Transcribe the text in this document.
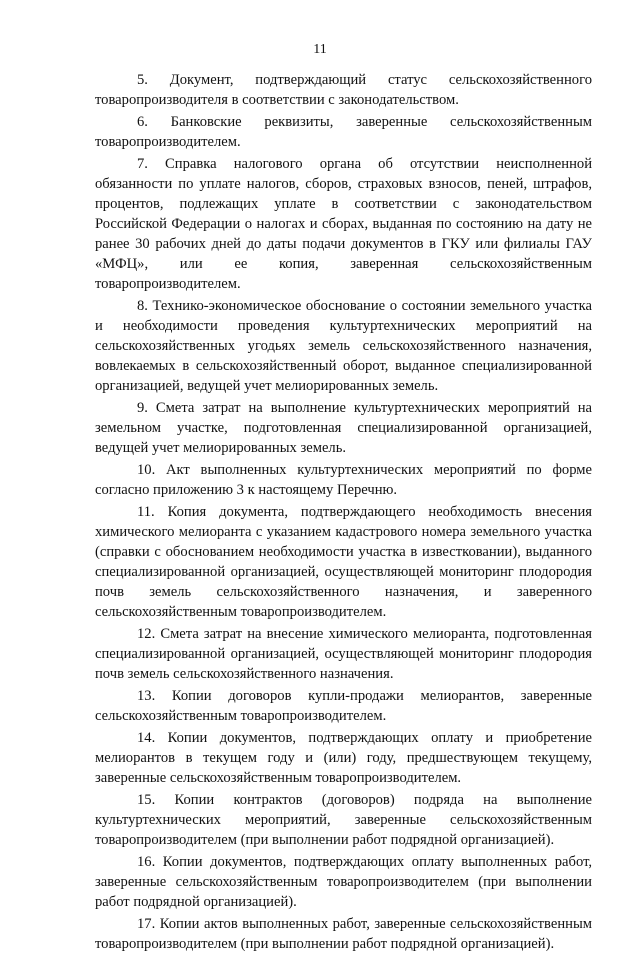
11

5. Документ, подтверждающий статус сельскохозяйственного товаропроизводителя в соответствии с законодательством.

6. Банковские реквизиты, заверенные сельскохозяйственным товаропроизводителем.

7. Справка налогового органа об отсутствии неисполненной обязанности по уплате налогов, сборов, страховых взносов, пеней, штрафов, процентов, подлежащих уплате в соответствии с законодательством Российской Федерации о налогах и сборах, выданная по состоянию на дату не ранее 30 рабочих дней до даты подачи документов в ГКУ или филиалы ГАУ «МФЦ», или ее копия, заверенная сельскохозяйственным товаропроизводителем.

8. Технико-экономическое обоснование о состоянии земельного участка и необходимости проведения культуртехнических мероприятий на сельскохозяйственных угодьях земель сельскохозяйственного назначения, вовлекаемых в сельскохозяйственный оборот, выданное специализированной организацией, ведущей учет мелиорированных земель.

9. Смета затрат на выполнение культуртехнических мероприятий на земельном участке, подготовленная специализированной организацией, ведущей учет мелиорированных земель.

10. Акт выполненных культуртехнических мероприятий по форме согласно приложению 3 к настоящему Перечню.

11. Копия документа, подтверждающего необходимость внесения химического мелиоранта с указанием кадастрового номера земельного участка (справки с обоснованием необходимости участка в известковании), выданного специализированной организацией, осуществляющей мониторинг плодородия почв земель сельскохозяйственного назначения, и заверенного сельскохозяйственным товаропроизводителем.

12. Смета затрат на внесение химического мелиоранта, подготовленная специализированной организацией, осуществляющей мониторинг плодородия почв земель сельскохозяйственного назначения.

13. Копии договоров купли-продажи мелиорантов, заверенные сельскохозяйственным товаропроизводителем.

14. Копии документов, подтверждающих оплату и приобретение мелиорантов в текущем году и (или) году, предшествующем текущему, заверенные сельскохозяйственным товаропроизводителем.

15. Копии контрактов (договоров) подряда на выполнение культуртехнических мероприятий, заверенные сельскохозяйственным товаропроизводителем (при выполнении работ подрядной организацией).

16. Копии документов, подтверждающих оплату выполненных работ, заверенные сельскохозяйственным товаропроизводителем (при выполнении работ подрядной организацией).

17. Копии актов выполненных работ, заверенные сельскохозяйственным товаропроизводителем (при выполнении работ подрядной организацией).
